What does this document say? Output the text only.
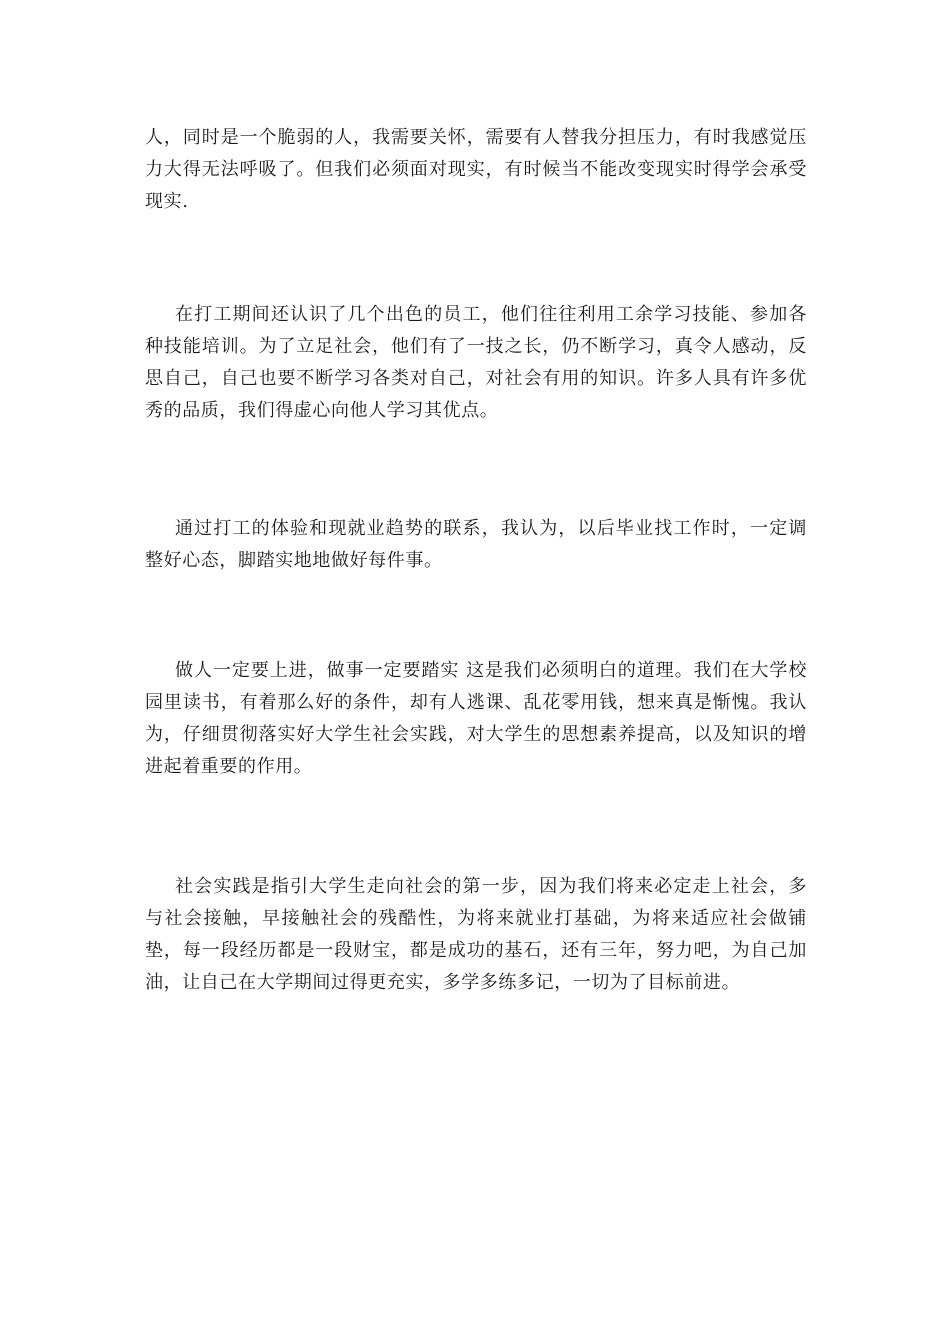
人，同时是一个脆弱的人，我需要关怀，需要有人替我分担压力，有时我感觉压力大得无法呼吸了。但我们必须面对现实，有时候当不能改变现实时得学会承受现实.

在打工期间还认识了几个出色的员工，他们往往利用工余学习技能、参加各种技能培训。为了立足社会，他们有了一技之长，仍不断学习，真令人感动，反思自己，自己也要不断学习各类对自己，对社会有用的知识。许多人具有许多优秀的品质，我们得虚心向他人学习其优点。

通过打工的体验和现就业趋势的联系，我认为，以后毕业找工作时，一定调整好心态，脚踏实地地做好每件事。

做人一定要上进，做事一定要踏实 这是我们必须明白的道理。我们在大学校园里读书，有着那么好的条件，却有人逃课、乱花零用钱，想来真是惭愧。我认为，仔细贯彻落实好大学生社会实践，对大学生的思想素养提高，以及知识的增进起着重要的作用。

社会实践是指引大学生走向社会的第一步，因为我们将来必定走上社会，多与社会接触，早接触社会的残酷性，为将来就业打基础，为将来适应社会做铺垫，每一段经历都是一段财宝，都是成功的基石，还有三年，努力吧，为自己加油，让自己在大学期间过得更充实，多学多练多记，一切为了目标前进。
